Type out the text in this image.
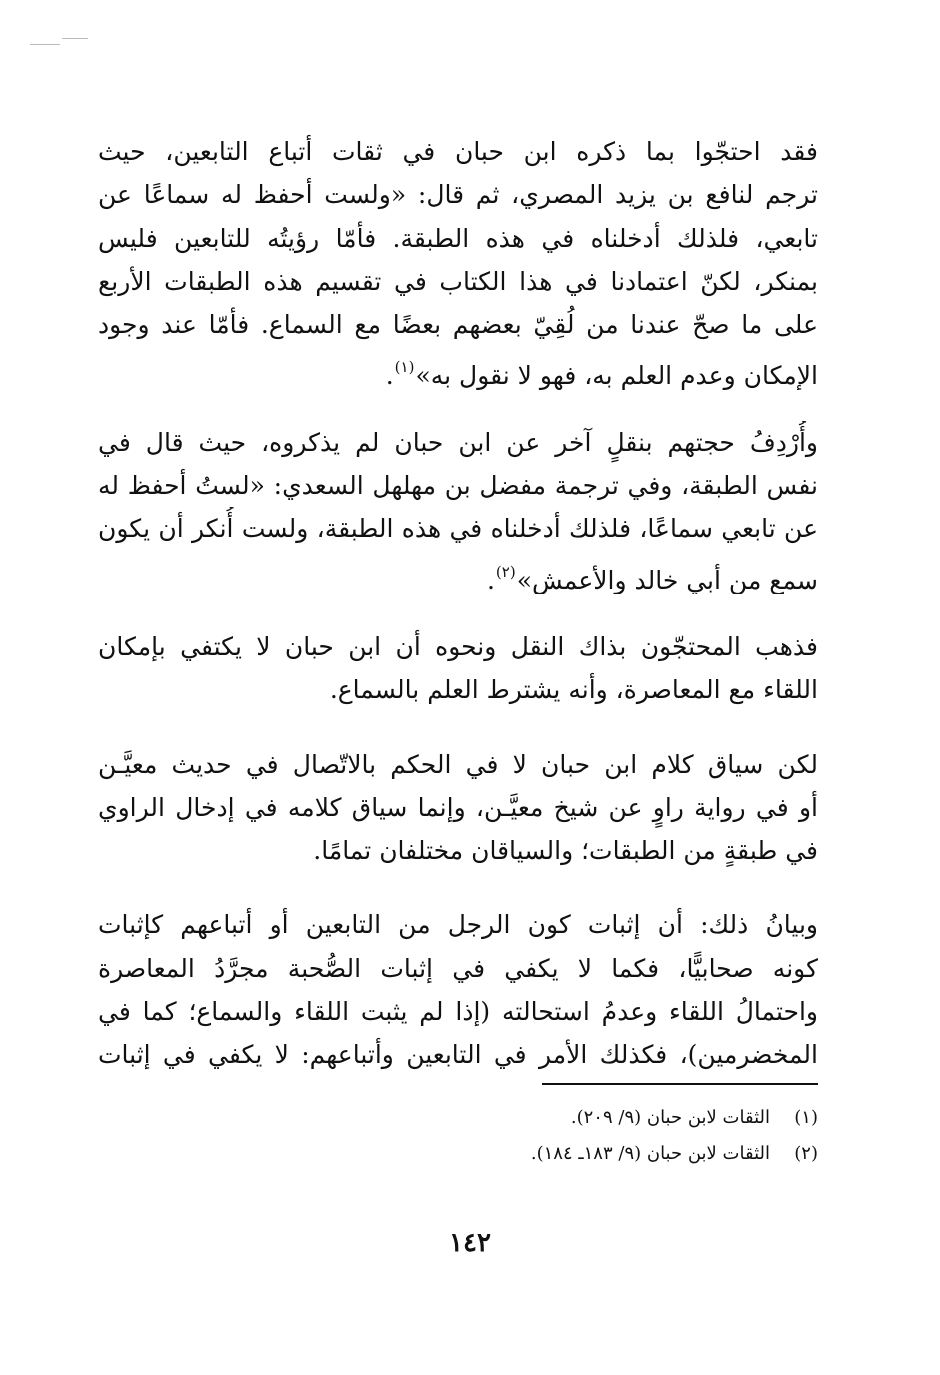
فقد احتجّوا بما ذكره ابن حبان في ثقات أتباع التابعين، حيث
ترجم لنافع بن يزيد المصري، ثم قال: «ولست أحفظ له سماعًا عن
تابعي، فلذلك أدخلناه في هذه الطبقة. فأمّا رؤيتُه للتابعين فليس
بمنكر، لكنّ اعتمادنا في هذا الكتاب في تقسيم هذه الطبقات الأربع
على ما صحّ عندنا من لُقِيّ بعضهم بعضًا مع السماع. فأمّا عند وجود
الإمكان وعدم العلم به، فهو لا نقول به»$^{(١)}$.
وأُرْدِفُ حجتهم بنقلٍ آخر عن ابن حبان لم يذكروه، حيث قال في
نفس الطبقة، وفي ترجمة مفضل بن مهلهل السعدي: «لستُ أحفظ له
عن تابعي سماعًا، فلذلك أدخلناه في هذه الطبقة، ولست أُنكر أن يكون
سمع من أبي خالد والأعمش»$^{(٢)}$.
فذهب المحتجّون بذاك النقل ونحوه أن ابن حبان لا يكتفي بإمكان
اللقاء مع المعاصرة، وأنه يشترط العلم بالسماع.
لكن سياق كلام ابن حبان لا في الحكم بالاتّصال في حديث معيَّـن
أو في رواية راوٍ عن شيخ معيَّـن، وإنما سياق كلامه في إدخال الراوي
في طبقةٍ من الطبقات؛ والسياقان مختلفان تمامًا.
وبيانُ ذلك: أن إثبات كون الرجل من التابعين أو أتباعهم كإثبات
كونه صحابيًّا، فكما لا يكفي في إثبات الصُّحبة مجرَّدُ المعاصرة
واحتمالُ اللقاء وعدمُ استحالته (إذا لم يثبت اللقاء والسماع؛ كما في
المخضرمين)، فكذلك الأمر في التابعين وأتباعهم: لا يكفي في إثبات
(١)الثقات لابن حبان (٩/ ٢٠٩).
(٢)الثقات لابن حبان (٩/ ١٨٣ـ ١٨٤).
١٤٢
